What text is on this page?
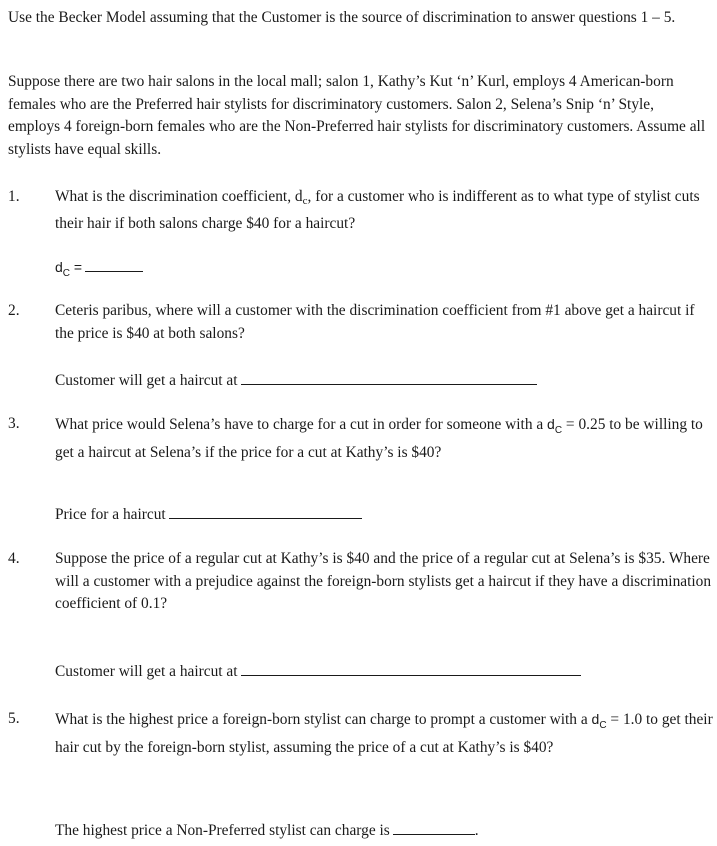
Use the Becker Model assuming that the Customer is the source of discrimination to answer questions 1 – 5.
Suppose there are two hair salons in the local mall; salon 1, Kathy’s Kut ‘n’ Kurl, employs 4 American-born females who are the Preferred hair stylists for discriminatory customers. Salon 2, Selena’s Snip ‘n’ Style, employs 4 foreign-born females who are the Non-Preferred hair stylists for discriminatory customers. Assume all stylists have equal skills.
1. What is the discrimination coefficient, dc, for a customer who is indifferent as to what type of stylist cuts their hair if both salons charge $40 for a haircut?
$d_C$ =
2. Ceteris paribus, where will a customer with the discrimination coefficient from #1 above get a haircut if the price is $40 at both salons?
Customer will get a haircut at
3. What price would Selena’s have to charge for a cut in order for someone with a $d_C = 0.25$ to be willing to get a haircut at Selena’s if the price for a cut at Kathy’s is $40?
Price for a haircut
4. Suppose the price of a regular cut at Kathy’s is $40 and the price of a regular cut at Selena’s is $35. Where will a customer with a prejudice against the foreign-born stylists get a haircut if they have a discrimination coefficient of 0.1?
Customer will get a haircut at
5. What is the highest price a foreign-born stylist can charge to prompt a customer with a $d_C = 1.0$ to get their hair cut by the foreign-born stylist, assuming the price of a cut at Kathy’s is $40?
The highest price a Non-Preferred stylist can charge is	.
